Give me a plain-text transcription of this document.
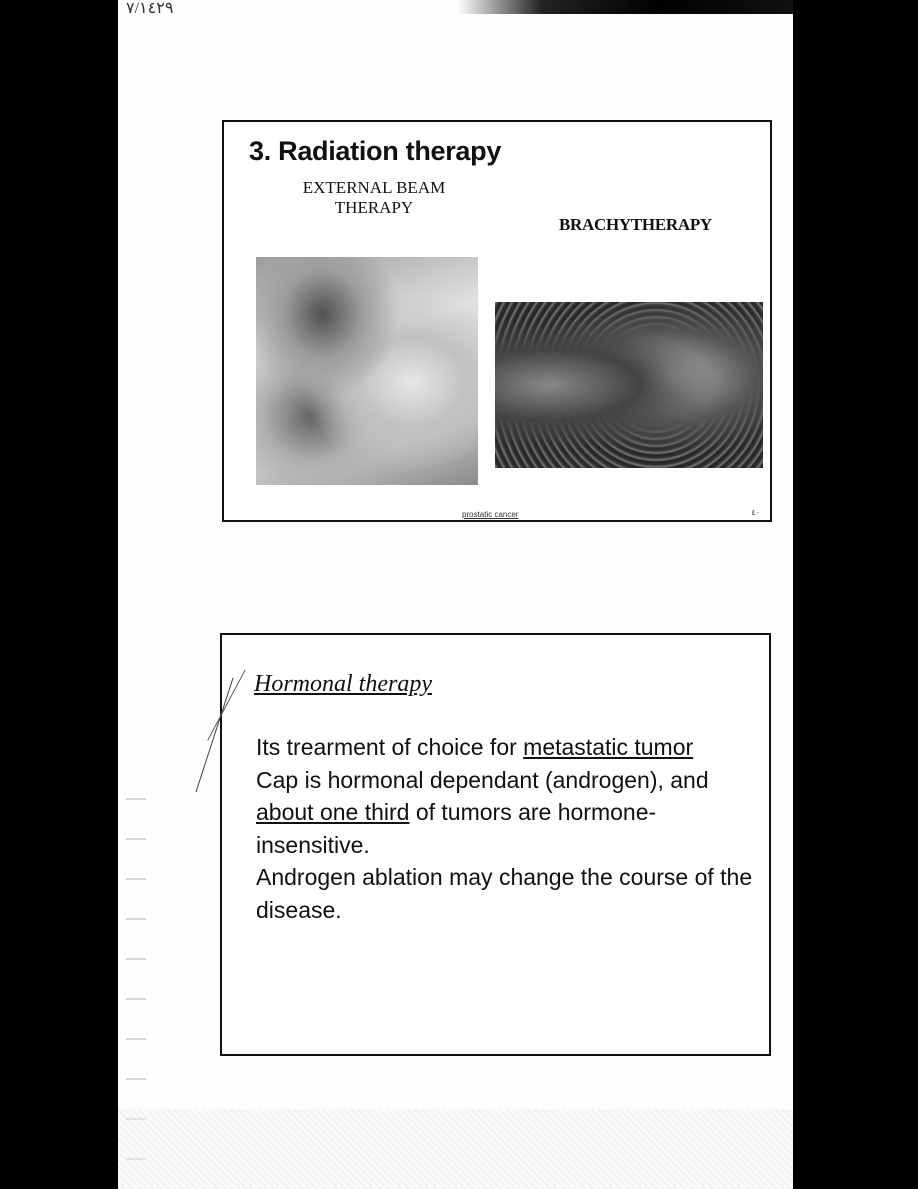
٧/١٤٢٩
3. Radiation therapy
EXTERNAL BEAM THERAPY
BRACHYTHERAPY
prostatic cancer	٤٠
Hormonal therapy

Its trearment of choice for metastatic tumor

Cap is hormonal dependant (androgen), and about one third of tumors are hormone-insensitive.

Androgen ablation may change the course of the disease.
